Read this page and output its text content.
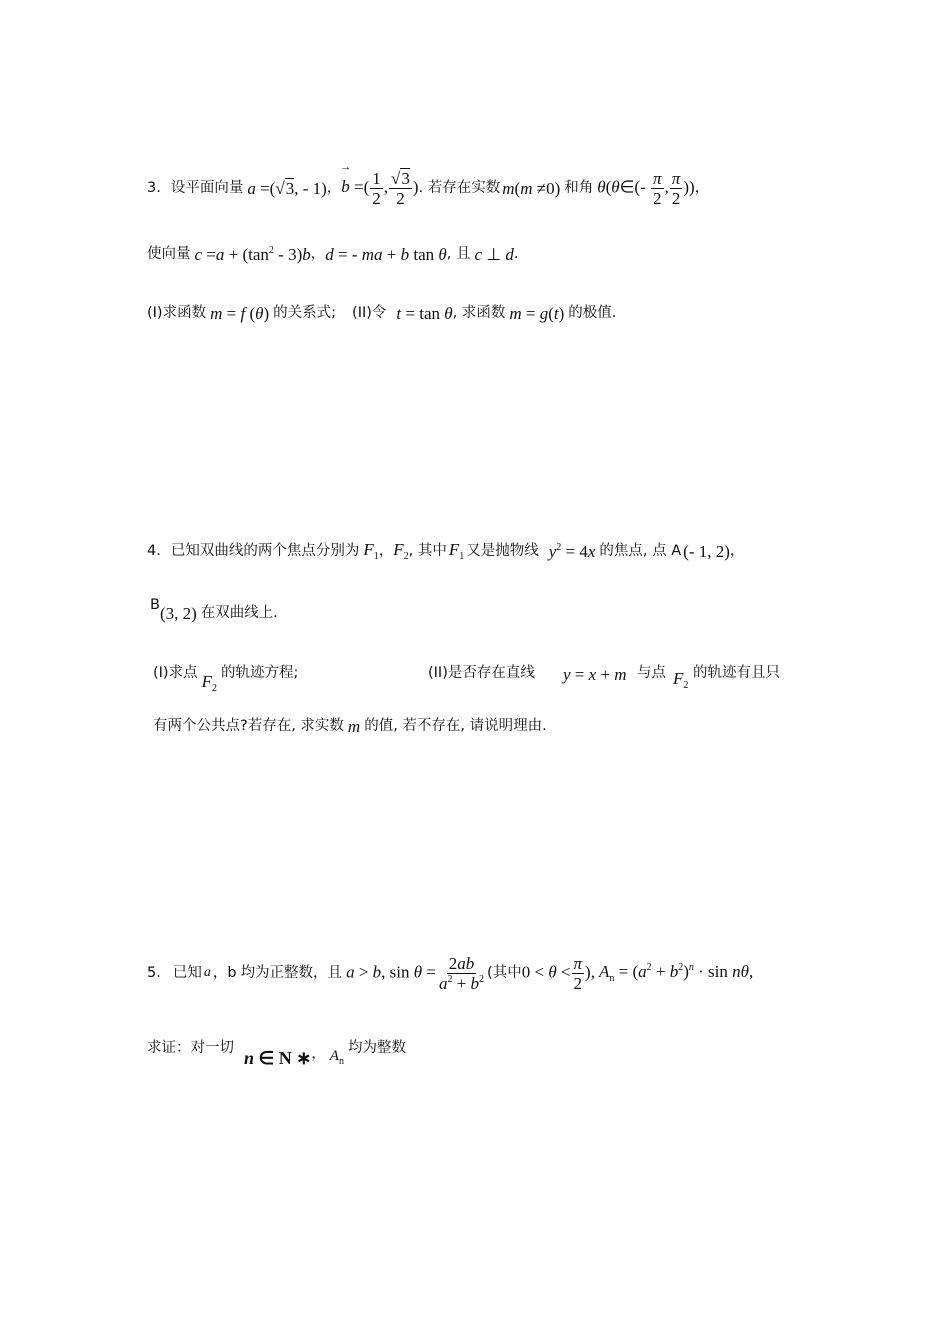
3. 设平面向量 a =(√3, - 1) ，
→ b =( $\frac{1}{2}$ , $\frac{√3}{2}$ ) . 若存在实数 m(m ≠0) 和角 θ(θ∈(- $\frac{\pi}{2}$ , $\frac{\pi}{2}$ )) ，
使向量 $c =a + (\tan^2 - 3)b$ ， d = - ma + b tan θ , 且 c ⊥ d .
(I)求函数 m = f (θ) 的关系式; (II)令 t = tan θ , 求函数 m = g(t) 的极值.
4. 已知双曲线的两个焦点分别为 $F_1$ ， $F_2$ , 其中 $F_1$ 又是抛物线 $y^2 = 4x$ 的焦点, 点 A (- 1, 2) ，
B (3, 2) 在双曲线上.
(I)求点 $F_2$
的轨迹方程;	(II)是否存在直线 y = x + m 与点 $F_2$
的轨迹有且只
有两个公共点?若存在, 求实数 m 的值, 若不存在, 请说明理由.
5. 已知 a ， b 均为正整数，且 a > b, $\sin \theta = \frac{2ab}{a^2 + b^2}$ (其中 $0 < \theta < \frac{\pi}{2}$ ), $A_n = (a^2 + b^2)^n \cdot \sin n\theta$,
求证：对一切
n ∈ N ∗ ， $A_n$
均为整数
